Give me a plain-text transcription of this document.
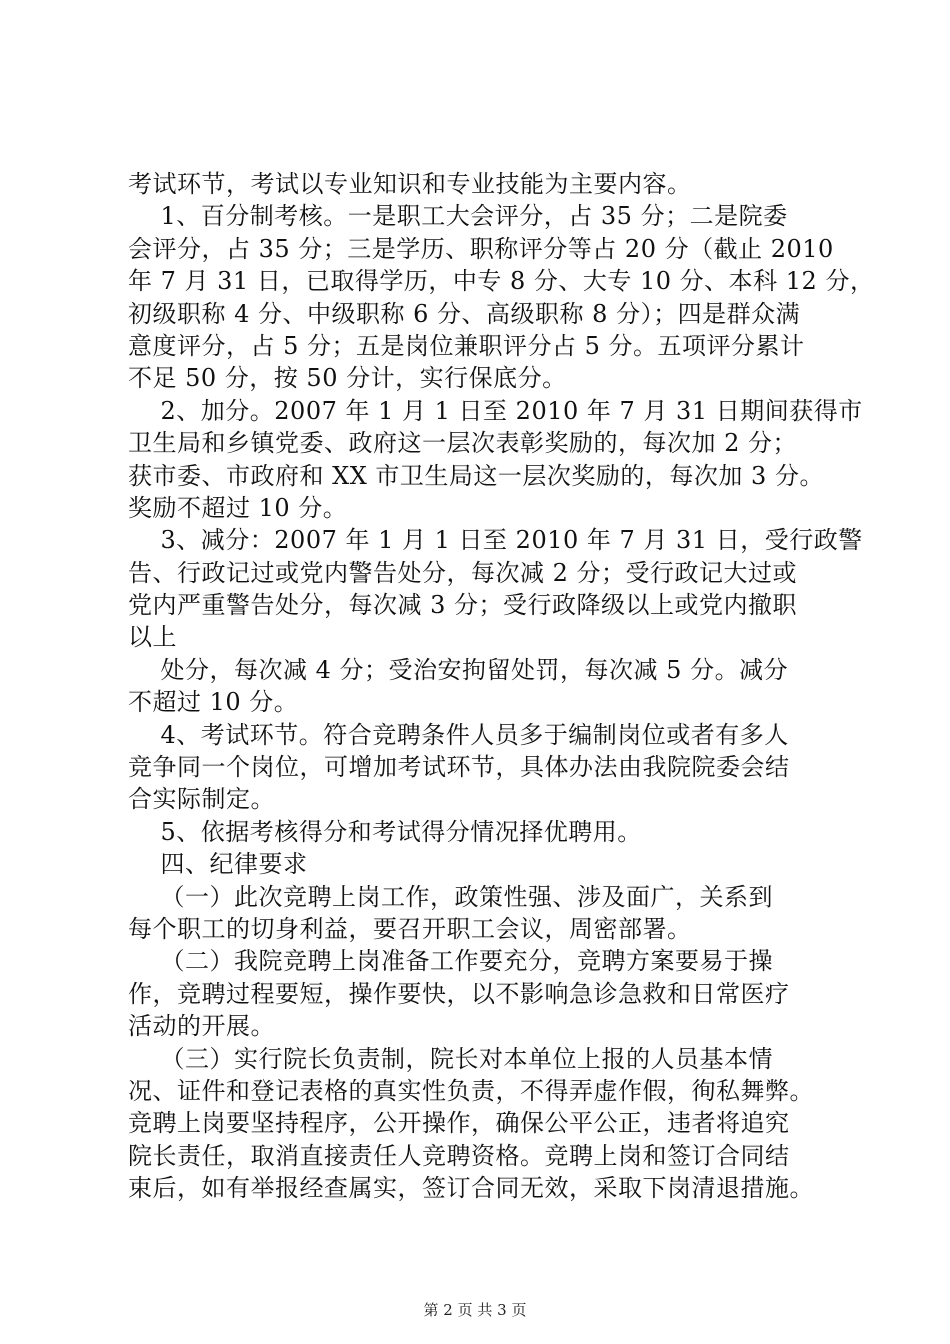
考试环节，考试以专业知识和专业技能为主要内容。
1、百分制考核。一是职工大会评分，占 35 分；二是院委
会评分，占 35 分；三是学历、职称评分等占 20 分（截止 2010
年 7 月 31 日，已取得学历，中专 8 分、大专 10 分、本科 12 分，
初级职称 4 分、中级职称 6 分、高级职称 8 分）；四是群众满
意度评分，占 5 分；五是岗位兼职评分占 5 分。五项评分累计
不足 50 分，按 50 分计，实行保底分。
2、加分。2007 年 1 月 1 日至 2010 年 7 月 31 日期间获得市
卫生局和乡镇党委、政府这一层次表彰奖励的，每次加 2 分；
获市委、市政府和 XX 市卫生局这一层次奖励的，每次加 3 分。
奖励不超过 10 分。
3、减分：2007 年 1 月 1 日至 2010 年 7 月 31 日，受行政警
告、行政记过或党内警告处分，每次减 2 分；受行政记大过或
党内严重警告处分，每次减 3 分；受行政降级以上或党内撤职
以上
处分，每次减 4 分；受治安拘留处罚，每次减 5 分。减分
不超过 10 分。
4、考试环节。符合竞聘条件人员多于编制岗位或者有多人
竞争同一个岗位，可增加考试环节，具体办法由我院院委会结
合实际制定。
5、依据考核得分和考试得分情况择优聘用。
四、纪律要求
（一）此次竞聘上岗工作，政策性强、涉及面广，关系到
每个职工的切身利益，要召开职工会议，周密部署。
（二）我院竞聘上岗准备工作要充分，竞聘方案要易于操
作，竞聘过程要短，操作要快，以不影响急诊急救和日常医疗
活动的开展。
（三）实行院长负责制，院长对本单位上报的人员基本情
况、证件和登记表格的真实性负责，不得弄虚作假，徇私舞弊。
竞聘上岗要坚持程序，公开操作，确保公平公正，违者将追究
院长责任，取消直接责任人竞聘资格。竞聘上岗和签订合同结
束后，如有举报经查属实，签订合同无效，采取下岗清退措施。
第 2 页 共 3 页
